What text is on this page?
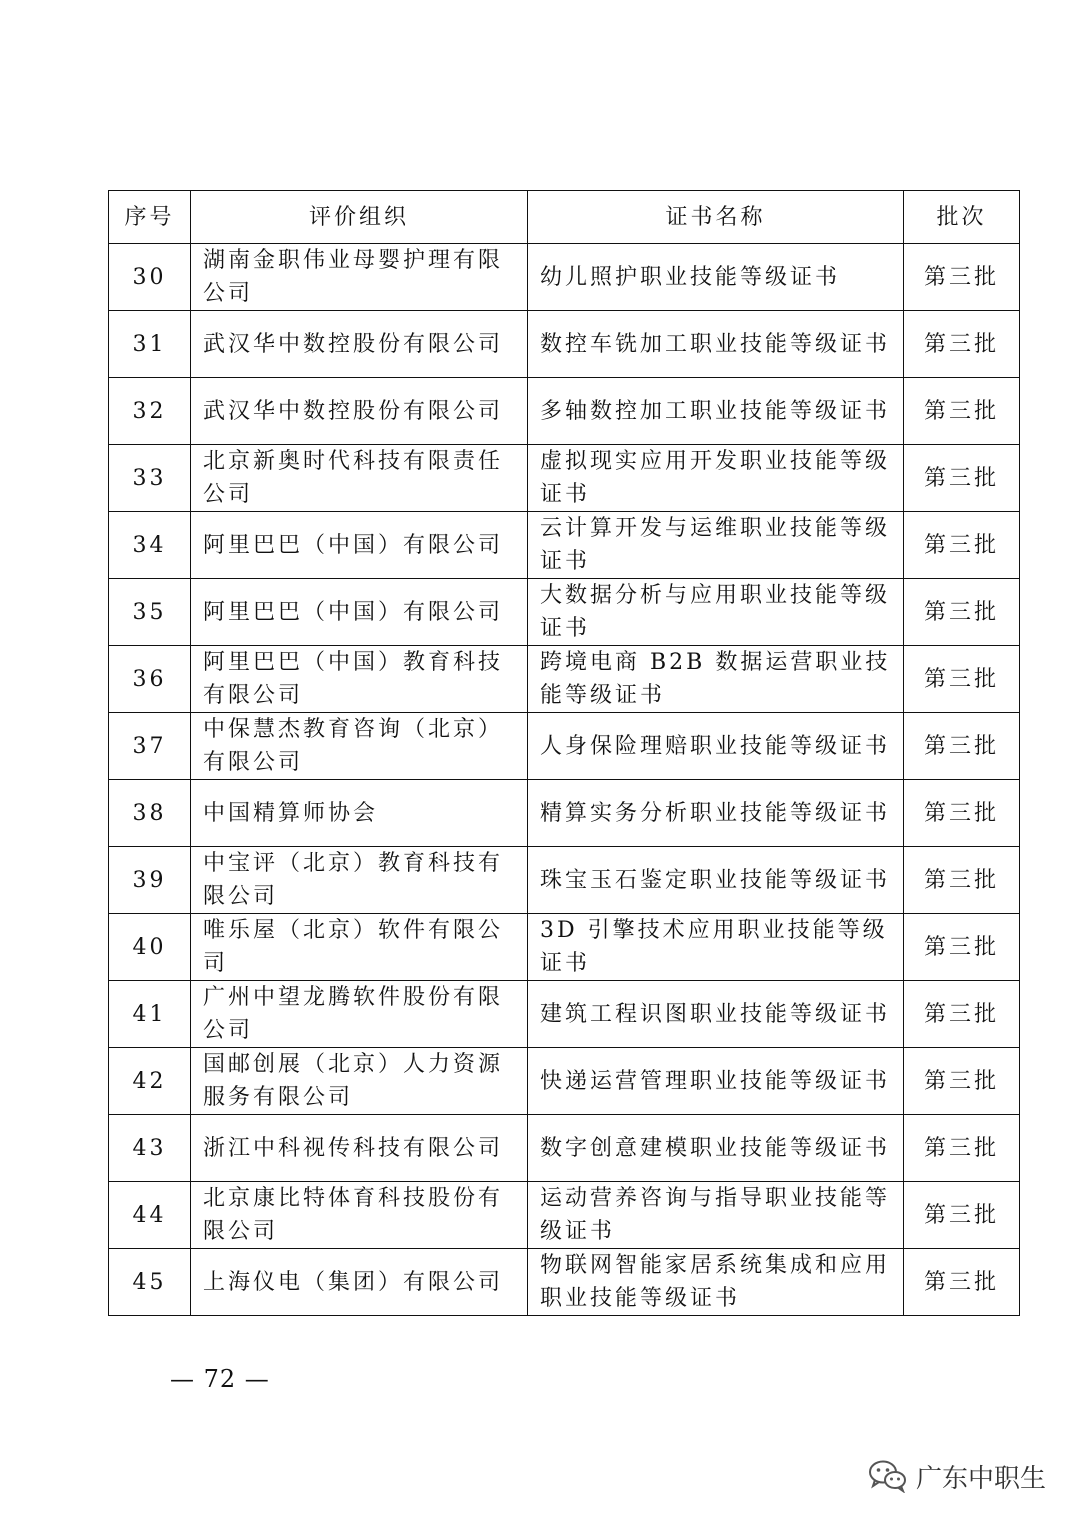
序号	评价组织	证书名称	批次
30	湖南金职伟业母婴护理有限公司	幼儿照护职业技能等级证书	第三批
31	武汉华中数控股份有限公司	数控车铣加工职业技能等级证书	第三批
32	武汉华中数控股份有限公司	多轴数控加工职业技能等级证书	第三批
33	北京新奥时代科技有限责任公司	虚拟现实应用开发职业技能等级证书	第三批
34	阿里巴巴（中国）有限公司	云计算开发与运维职业技能等级证书	第三批
35	阿里巴巴（中国）有限公司	大数据分析与应用职业技能等级证书	第三批
36	阿里巴巴（中国）教育科技有限公司	跨境电商 B2B 数据运营职业技能等级证书	第三批
37	中保慧杰教育咨询（北京）有限公司	人身保险理赔职业技能等级证书	第三批
38	中国精算师协会	精算实务分析职业技能等级证书	第三批
39	中宝评（北京）教育科技有限公司	珠宝玉石鉴定职业技能等级证书	第三批
40	唯乐屋（北京）软件有限公司	3D 引擎技术应用职业技能等级证书	第三批
41	广州中望龙腾软件股份有限公司	建筑工程识图职业技能等级证书	第三批
42	国邮创展（北京）人力资源服务有限公司	快递运营管理职业技能等级证书	第三批
43	浙江中科视传科技有限公司	数字创意建模职业技能等级证书	第三批
44	北京康比特体育科技股份有限公司	运动营养咨询与指导职业技能等级证书	第三批
45	上海仪电（集团）有限公司	物联网智能家居系统集成和应用职业技能等级证书	第三批
— 72 —
广东中职生
